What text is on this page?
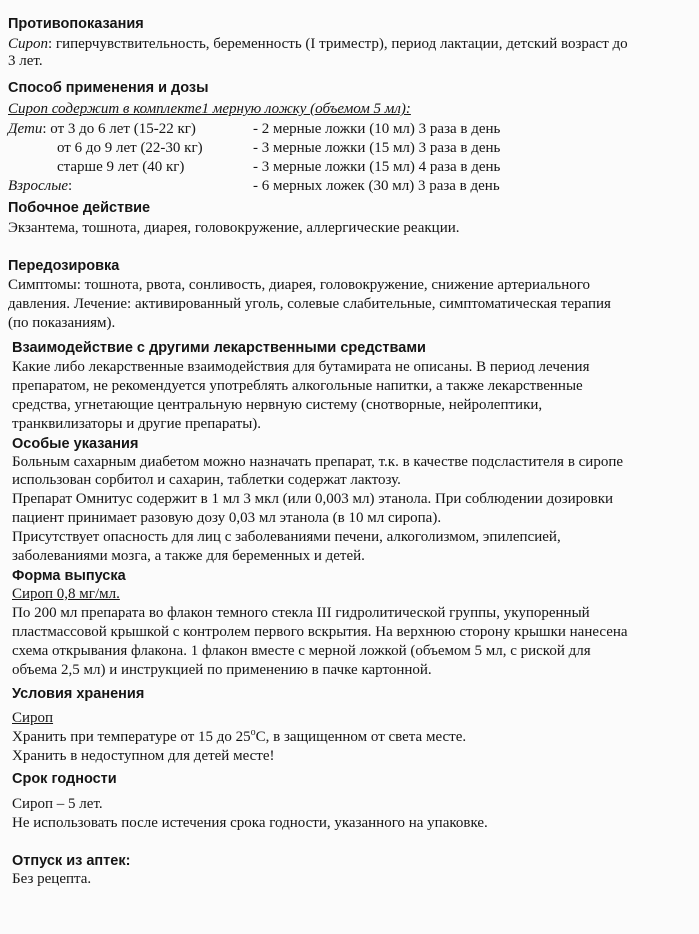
Противопоказания
Сироп: гиперчувствительность, беременность (I триместр), период лактации, детский возраст до
3 лет.
Способ применения и дозы
Сироп содержит в комплекте1 мерную ложку (объемом 5 мл):
Дети: от 3 до 6 лет (15-22 кг)	- 2 мерные ложки (10 мл) 3 раза в день
от 6 до 9 лет (22-30 кг)	- 3 мерные ложки (15 мл) 3 раза в день
старше 9 лет (40 кг)	- 3 мерные ложки (15 мл) 4 раза в день
Взрослые:	- 6 мерных ложек (30 мл) 3 раза в день
Побочное действие
Экзантема, тошнота, диарея, головокружение, аллергические реакции.
Передозировка
Симптомы: тошнота, рвота, сонливость, диарея, головокружение, снижение артериального
давления. Лечение: активированный уголь, солевые слабительные, симптоматическая терапия
(по показаниям).
Взаимодействие с другими лекарственными средствами
Какие либо лекарственные взаимодействия для бутамирата не описаны. В период лечения
препаратом, не рекомендуется употреблять алкогольные напитки, а также лекарственные
средства, угнетающие центральную нервную систему (снотворные, нейролептики,
транквилизаторы и другие препараты).
Особые указания
Больным сахарным диабетом можно назначать препарат, т.к. в качестве подсластителя в сиропе
использован сорбитол и сахарин, таблетки содержат лактозу.
Препарат Омнитус содержит в 1 мл 3 мкл (или 0,003 мл) этанола. При соблюдении дозировки
пациент принимает разовую дозу 0,03 мл этанола (в 10 мл сиропа).
Присутствует опасность для лиц с заболеваниями печени, алкоголизмом, эпилепсией,
заболеваниями мозга, а также для беременных и детей.
Форма выпуска
Сироп 0,8 мг/мл.
По 200 мл препарата во флакон темного стекла III гидролитической группы, укупоренный
пластмассовой крышкой с контролем первого вскрытия. На верхнюю сторону крышки нанесена
схема открывания флакона. 1 флакон вместе с мерной ложкой (объемом 5 мл, с риской для
объема 2,5 мл) и инструкцией по применению в пачке картонной.
Условия хранения
Сироп
Хранить при температуре от 15 до $25^оС$, в защищенном от света месте.
Хранить в недоступном для детей месте!
Срок годности
Сироп – 5 лет.
Не использовать после истечения срока годности, указанного на упаковке.
Отпуск из аптек:
Без рецепта.
